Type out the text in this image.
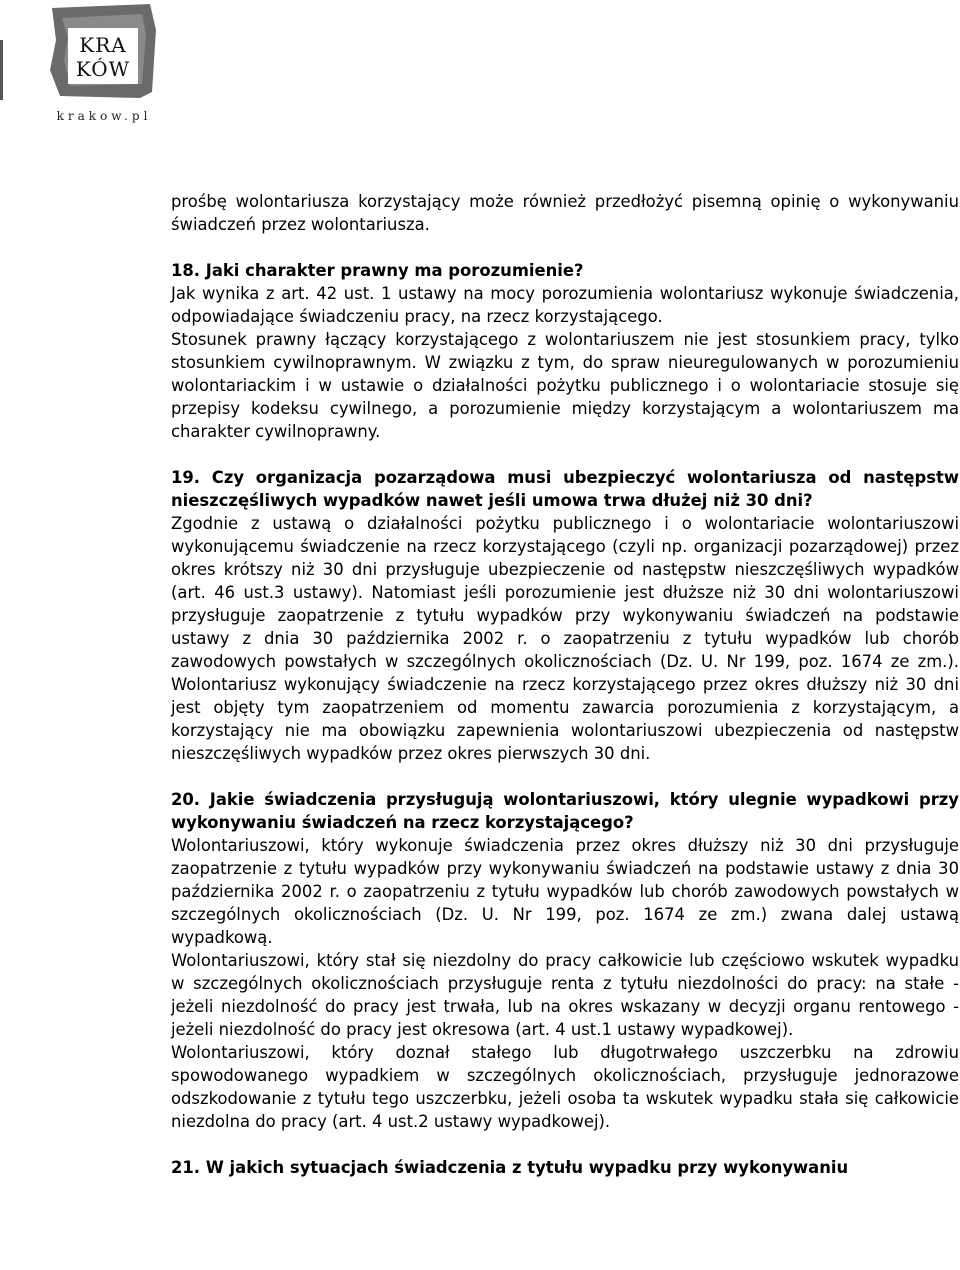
KRA
KÓW
krakow.pl

prośbę wolontariusza korzystający może również przedłożyć pisemną opinię o wykonywaniu świadczeń przez wolontariusza.

18. Jaki charakter prawny ma porozumienie?

Jak wynika z art. 42 ust. 1 ustawy na mocy porozumienia wolontariusz wykonuje świadczenia, odpowiadające świadczeniu pracy, na rzecz korzystającego.

Stosunek prawny łączący korzystającego z wolontariuszem nie jest stosunkiem pracy, tylko stosunkiem cywilnoprawnym. W związku z tym, do spraw nieuregulowanych w porozumieniu wolontariackim i w ustawie o działalności pożytku publicznego i o wolontariacie stosuje się przepisy kodeksu cywilnego, a porozumienie między korzystającym a wolontariuszem ma charakter cywilnoprawny.

19. Czy organizacja pozarządowa musi ubezpieczyć wolontariusza od następstw nieszczęśliwych wypadków nawet jeśli umowa trwa dłużej niż 30 dni?

Zgodnie z ustawą o działalności pożytku publicznego i o wolontariacie wolontariuszowi wykonującemu świadczenie na rzecz korzystającego (czyli np. organizacji pozarządowej) przez okres krótszy niż 30 dni przysługuje ubezpieczenie od następstw nieszczęśliwych wypadków (art. 46 ust.3 ustawy). Natomiast jeśli porozumienie jest dłuższe niż 30 dni wolontariuszowi przysługuje zaopatrzenie z tytułu wypadków przy wykonywaniu świadczeń na podstawie ustawy z dnia 30 października 2002 r. o zaopatrzeniu z tytułu wypadków lub chorób zawodowych powstałych w szczególnych okolicznościach (Dz. U. Nr 199, poz. 1674 ze zm.). Wolontariusz wykonujący świadczenie na rzecz korzystającego przez okres dłuższy niż 30 dni jest objęty tym zaopatrzeniem od momentu zawarcia porozumienia z korzystającym, a korzystający nie ma obowiązku zapewnienia wolontariuszowi ubezpieczenia od następstw nieszczęśliwych wypadków przez okres pierwszych 30 dni.

20. Jakie świadczenia przysługują wolontariuszowi, który ulegnie wypadkowi przy wykonywaniu świadczeń na rzecz korzystającego?

Wolontariuszowi, który wykonuje świadczenia przez okres dłuższy niż 30 dni przysługuje zaopatrzenie z tytułu wypadków przy wykonywaniu świadczeń na podstawie ustawy z dnia 30 października 2002 r. o zaopatrzeniu z tytułu wypadków lub chorób zawodowych powstałych w szczególnych okolicznościach (Dz. U. Nr 199, poz. 1674 ze zm.) zwana dalej ustawą wypadkową.

Wolontariuszowi, który stał się niezdolny do pracy całkowicie lub częściowo wskutek wypadku w szczególnych okolicznościach przysługuje renta z tytułu niezdolności do pracy: na stałe - jeżeli niezdolność do pracy jest trwała, lub na okres wskazany w decyzji organu rentowego - jeżeli niezdolność do pracy jest okresowa (art. 4 ust.1 ustawy wypadkowej).

Wolontariuszowi, który doznał stałego lub długotrwałego uszczerbku na zdrowiu spowodowanego wypadkiem w szczególnych okolicznościach, przysługuje jednorazowe odszkodowanie z tytułu tego uszczerbku, jeżeli osoba ta wskutek wypadku stała się całkowicie niezdolna do pracy (art. 4 ust.2 ustawy wypadkowej).

21. W jakich sytuacjach świadczenia z tytułu wypadku przy wykonywaniu
